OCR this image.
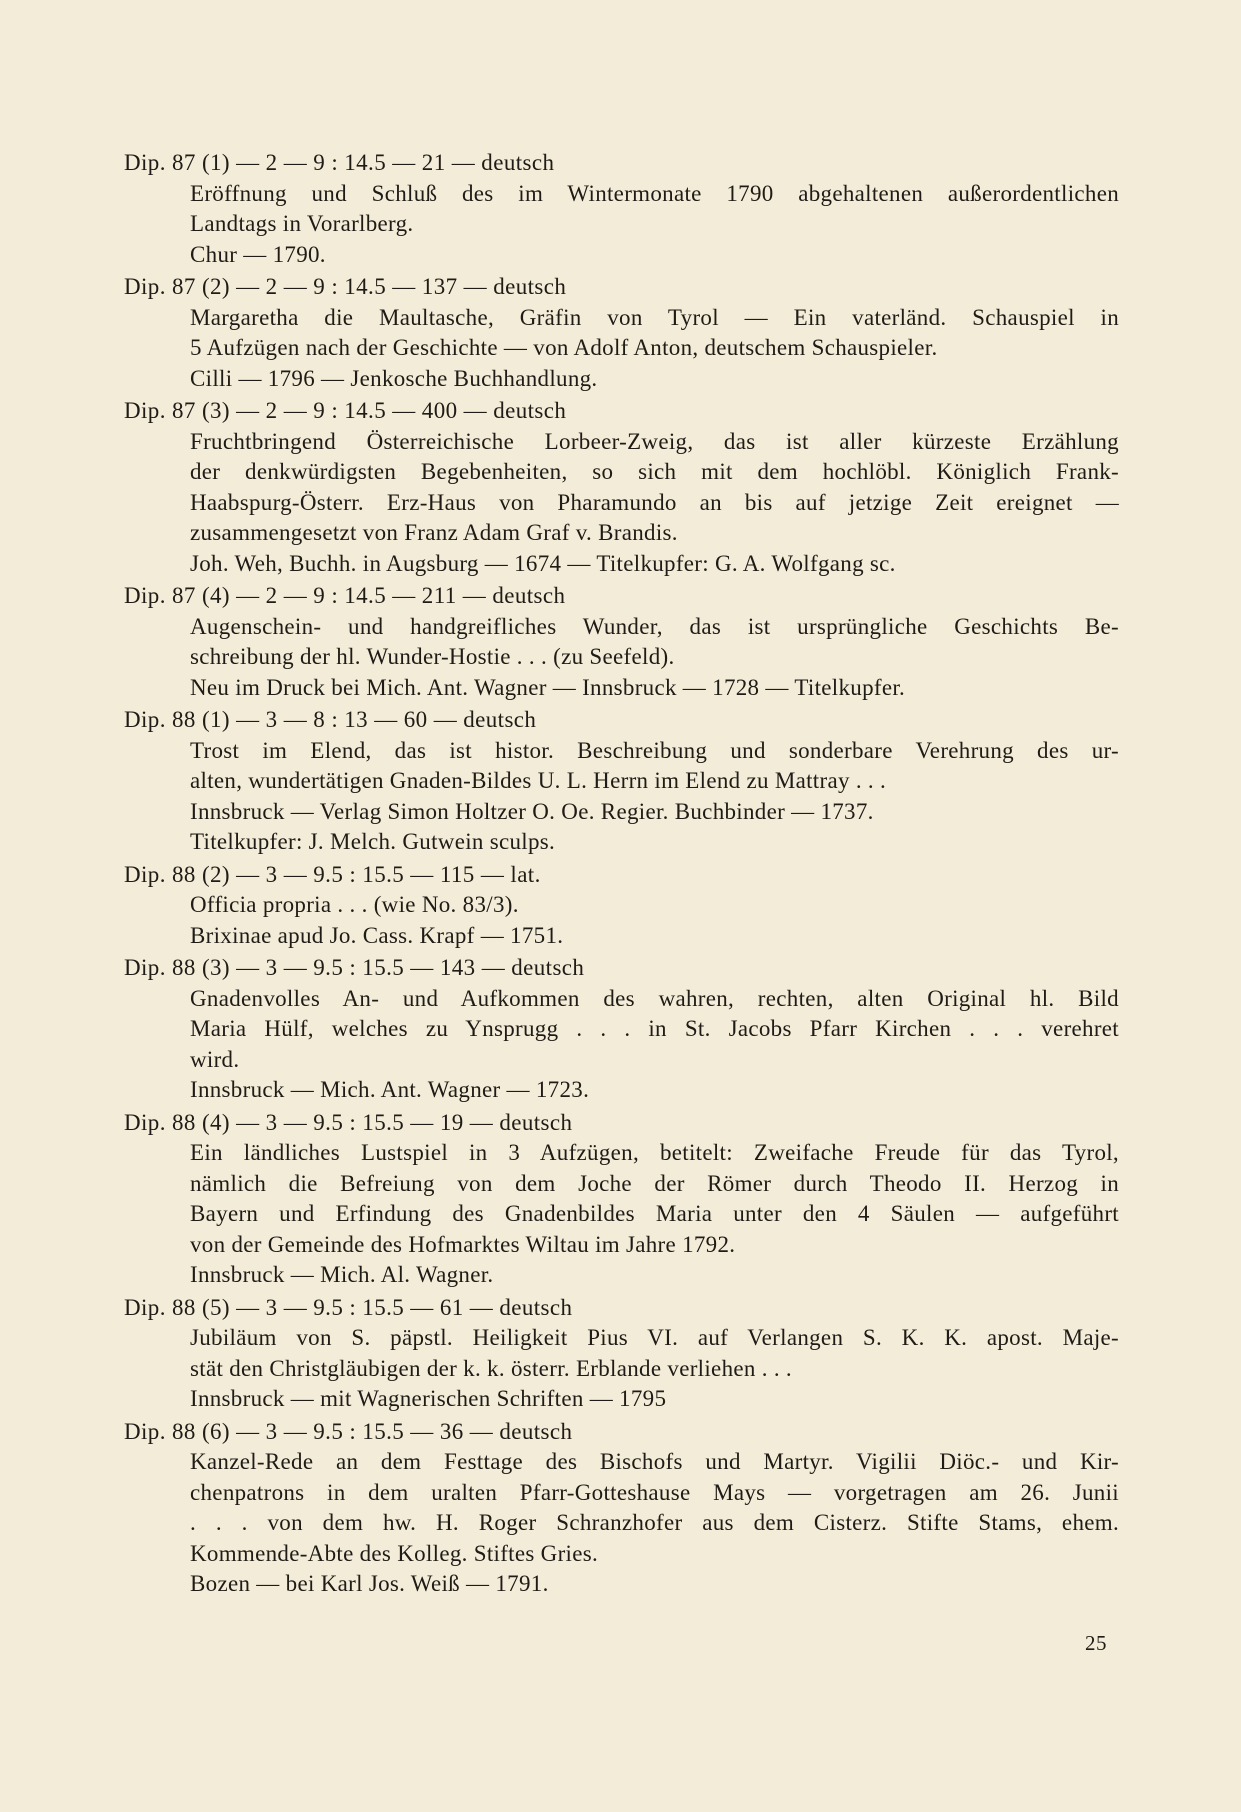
Dip. 87 (1) — 2 — 9 : 14.5 — 21 — deutsch
Eröffnung und Schluß des im Wintermonate 1790 abgehaltenen außerordentlichen
Landtags in Vorarlberg.
Chur — 1790.
Dip. 87 (2) — 2 — 9 : 14.5 — 137 — deutsch
Margaretha die Maultasche, Gräfin von Tyrol — Ein vaterländ. Schauspiel in
5 Aufzügen nach der Geschichte — von Adolf Anton, deutschem Schauspieler.
Cilli — 1796 — Jenkosche Buchhandlung.
Dip. 87 (3) — 2 — 9 : 14.5 — 400 — deutsch
Fruchtbringend Österreichische Lorbeer-Zweig, das ist aller kürzeste Erzählung
der denkwürdigsten Begebenheiten, so sich mit dem hochlöbl. Königlich Frank-
Haabspurg-Österr. Erz-Haus von Pharamundo an bis auf jetzige Zeit ereignet —
zusammengesetzt von Franz Adam Graf v. Brandis.
Joh. Weh, Buchh. in Augsburg — 1674 — Titelkupfer: G. A. Wolfgang sc.
Dip. 87 (4) — 2 — 9 : 14.5 — 211 — deutsch
Augenschein- und handgreifliches Wunder, das ist ursprüngliche Geschichts Be-
schreibung der hl. Wunder-Hostie . . . (zu Seefeld).
Neu im Druck bei Mich. Ant. Wagner — Innsbruck — 1728 — Titelkupfer.
Dip. 88 (1) — 3 — 8 : 13 — 60 — deutsch
Trost im Elend, das ist histor. Beschreibung und sonderbare Verehrung des ur-
alten, wundertätigen Gnaden-Bildes U. L. Herrn im Elend zu Mattray . . .
Innsbruck — Verlag Simon Holtzer O. Oe. Regier. Buchbinder — 1737.
Titelkupfer: J. Melch. Gutwein sculps.
Dip. 88 (2) — 3 — 9.5 : 15.5 — 115 — lat.
Officia propria . . . (wie No. 83/3).
Brixinae apud Jo. Cass. Krapf — 1751.
Dip. 88 (3) — 3 — 9.5 : 15.5 — 143 — deutsch
Gnadenvolles An- und Aufkommen des wahren, rechten, alten Original hl. Bild
Maria Hülf, welches zu Ynsprugg . . . in St. Jacobs Pfarr Kirchen . . . verehret
wird.
Innsbruck — Mich. Ant. Wagner — 1723.
Dip. 88 (4) — 3 — 9.5 : 15.5 — 19 — deutsch
Ein ländliches Lustspiel in 3 Aufzügen, betitelt: Zweifache Freude für das Tyrol,
nämlich die Befreiung von dem Joche der Römer durch Theodo II. Herzog in
Bayern und Erfindung des Gnadenbildes Maria unter den 4 Säulen — aufgeführt
von der Gemeinde des Hofmarktes Wiltau im Jahre 1792.
Innsbruck — Mich. Al. Wagner.
Dip. 88 (5) — 3 — 9.5 : 15.5 — 61 — deutsch
Jubiläum von S. päpstl. Heiligkeit Pius VI. auf Verlangen S. K. K. apost. Maje-
stät den Christgläubigen der k. k. österr. Erblande verliehen . . .
Innsbruck — mit Wagnerischen Schriften — 1795
Dip. 88 (6) — 3 — 9.5 : 15.5 — 36 — deutsch
Kanzel-Rede an dem Festtage des Bischofs und Martyr. Vigilii Diöc.- und Kir-
chenpatrons in dem uralten Pfarr-Gotteshause Mays — vorgetragen am 26. Junii
. . . von dem hw. H. Roger Schranzhofer aus dem Cisterz. Stifte Stams, ehem.
Kommende-Abte des Kolleg. Stiftes Gries.
Bozen — bei Karl Jos. Weiß — 1791.
25
